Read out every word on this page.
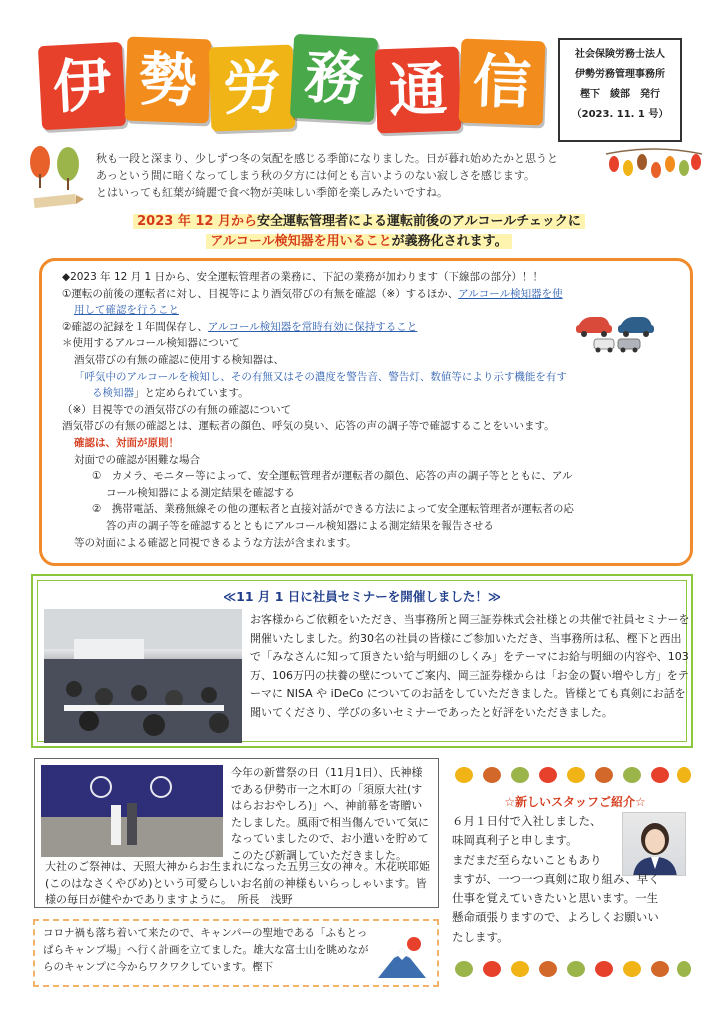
伊 勢 労 務 通 信	社会保険労務士法人
伊勢労務管理事務所
樫下　綾部　発行
（2023. 11. 1 号）
秋も一段と深まり、少しずつ冬の気配を感じる季節になりました。日が暮れ始めたかと思うと
あっという間に暗くなってしまう秋の夕方には何とも言いようのない寂しさを感じます。
とはいっても紅葉が綺麗で食べ物が美味しい季節を楽しみたいですね。
2023 年 12 月から安全運転管理者による運転前後のアルコールチェックに
アルコール検知器を用いることが義務化されます。

◆2023 年 12 月 1 日から、安全運転管理者の業務に、下記の業務が加わります（下線部の部分）！！

①運転の前後の運転者に対し、目視等により酒気帯びの有無を確認（※）するほか、アルコール検知器を使

用して確認を行うこと

②確認の記録を１年間保存し、アルコール検知器を常時有効に保持すること

＊使用するアルコール検知器について

酒気帯びの有無の確認に使用する検知器は、

「呼気中のアルコールを検知し、その有無又はその濃度を警告音、警告灯、数値等により示す機能を有す

る検知器」と定められています。

（※）目視等での酒気帯びの有無の確認について

酒気帯びの有無の確認とは、運転者の顔色、呼気の臭い、応答の声の調子等で確認することをいいます。

確認は、対面が原則！

対面での確認が困難な場合

①　カメラ、モニター等によって、安全運転管理者が運転者の顔色、応答の声の調子等とともに、アル

コール検知器による測定結果を確認する

②　携帯電話、業務無線その他の運転者と直接対話ができる方法によって安全運転管理者が運転者の応

答の声の調子等を確認するとともにアルコール検知器による測定結果を報告させる

等の対面による確認と同視できるような方法が含まれます。

≪11 月 1 日に社員セミナーを開催しました！≫
お客様からご依頼をいただき、当事務所と岡三証券株式会社様との共催で社員セミナーを開催いたしました。約30名の社員の皆様にご参加いただき、当事務所は私、樫下と西出で「みなさんに知って頂きたい給与明細のしくみ」をテーマにお給与明細の内容や、103万、106万円の扶養の壁についてご案内、岡三証券様からは「お金の賢い増やし方」をテーマに NISA や iDeCo についてのお話をしていただきました。皆様とても真剣にお話を聞いてくださり、学びの多いセミナーであったと好評をいただきました。
今年の新嘗祭の日（11月1日）、氏神様である伊勢市一之木町の「須原大社(すはらおおやしろ)」へ、神前幕を寄贈いたしました。風雨で相当傷んでいて気になっていましたので、お小遣いを貯めてこのたび新調していただきました。
大社のご祭神は、天照大神からお生まれになった五男三女の神々。木花咲耶姫(このはなさくやびめ)という可愛らしいお名前の神様もいらっしゃいます。皆様の毎日が健やかでありますように。　所長　浅野
コロナ禍も落ち着いて来たので、キャンパーの聖地である「ふもとっぱらキャンプ場」へ行く計画を立てました。雄大な富士山を眺めながらのキャンプに今からワクワクしています。樫下
☆新しいスタッフご紹介☆
６月１日付で入社しました、
味岡真利子と申します。
まだまだ至らないこともあり
ますが、一つ一つ真剣に取り組み、早く
仕事を覚えていきたいと思います。一生
懸命頑張りますので、よろしくお願いい
たします。
